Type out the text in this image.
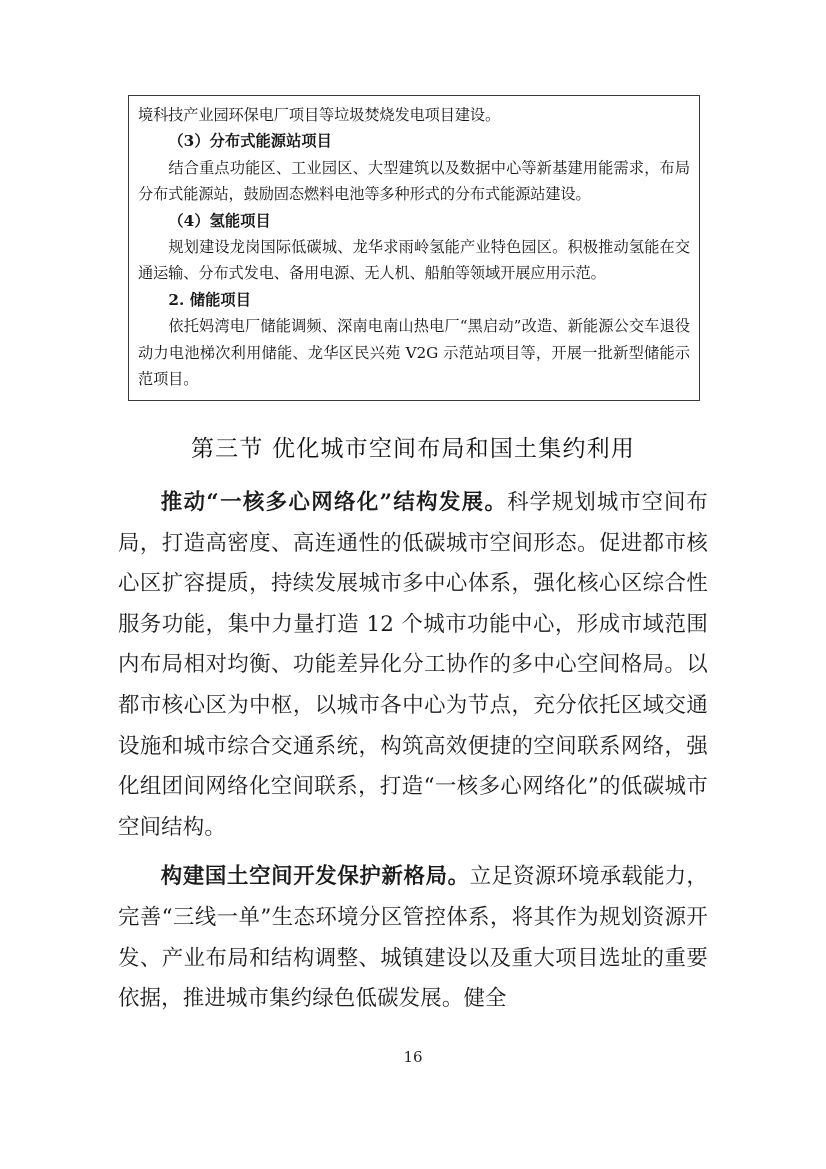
境科技产业园环保电厂项目等垃圾焚烧发电项目建设。

（3）分布式能源站项目

结合重点功能区、工业园区、大型建筑以及数据中心等新基建用能需求，布局分布式能源站，鼓励固态燃料电池等多种形式的分布式能源站建设。

（4）氢能项目

规划建设龙岗国际低碳城、龙华求雨岭氢能产业特色园区。积极推动氢能在交通运输、分布式发电、备用电源、无人机、船舶等领域开展应用示范。

2. 储能项目

依托妈湾电厂储能调频、深南电南山热电厂“黑启动”改造、新能源公交车退役动力电池梯次利用储能、龙华区民兴苑 V2G 示范站项目等，开展一批新型储能示范项目。

第三节 优化城市空间布局和国土集约利用

推动“一核多心网络化”结构发展。科学规划城市空间布局，打造高密度、高连通性的低碳城市空间形态。促进都市核心区扩容提质，持续发展城市多中心体系，强化核心区综合性服务功能，集中力量打造 12 个城市功能中心，形成市域范围内布局相对均衡、功能差异化分工协作的多中心空间格局。以都市核心区为中枢，以城市各中心为节点，充分依托区域交通设施和城市综合交通系统，构筑高效便捷的空间联系网络，强化组团间网络化空间联系，打造“一核多心网络化”的低碳城市空间结构。

构建国土空间开发保护新格局。立足资源环境承载能力，完善“三线一单”生态环境分区管控体系，将其作为规划资源开发、产业布局和结构调整、城镇建设以及重大项目选址的重要依据，推进城市集约绿色低碳发展。健全

16
